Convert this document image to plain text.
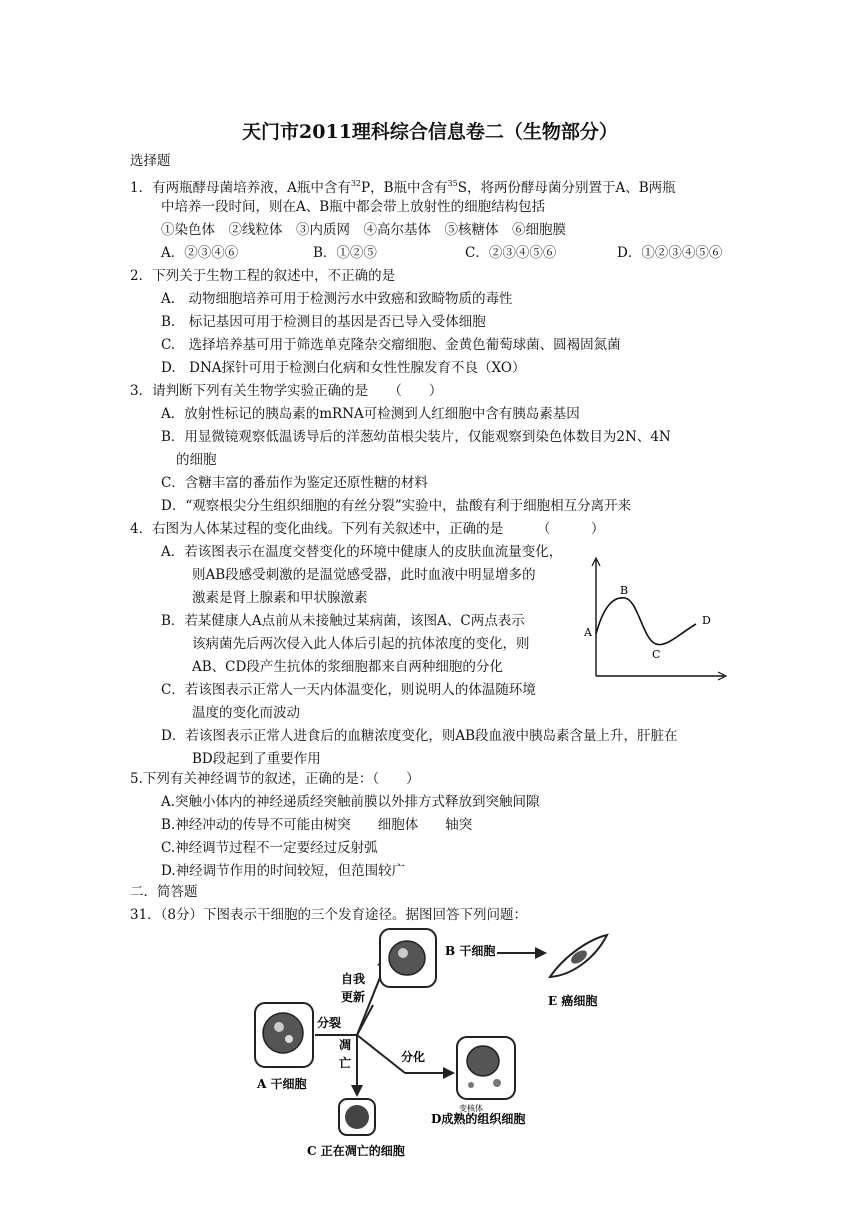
天门市2011理科综合信息卷二（生物部分）
选择题
1．有两瓶酵母菌培养液，A瓶中含有$^{32}$P，B瓶中含有$^{35}$S，将两份酵母菌分别置于A、B两瓶
中培养一段时间，则在A、B瓶中都会带上放射性的细胞结构包括
①染色体　②线粒体　③内质网　④高尔基体　⑤核糖体　⑥细胞膜
A．②③④⑥	B．①②⑤	C．②③④⑤⑥	D．①②③④⑤⑥
2．下列关于生物工程的叙述中，不正确的是
A.　动物细胞培养可用于检测污水中致癌和致畸物质的毒性
B.　标记基因可用于检测目的基因是否已导入受体细胞
C.　选择培养基可用于筛选单克隆杂交瘤细胞、金黄色葡萄球菌、圆褐固氮菌
D.　DNA探针可用于检测白化病和女性性腺发育不良（XO）
3．请判断下列有关生物学实验正确的是　　（　　）
A．放射性标记的胰岛素的mRNA可检测到人红细胞中含有胰岛素基因
B．用显微镜观察低温诱导后的洋葱幼苗根尖装片，仅能观察到染色体数目为2N、4N
的细胞
C．含糖丰富的番茄作为鉴定还原性糖的材料
D．“观察根尖分生组织细胞的有丝分裂”实验中，盐酸有利于细胞相互分离开来
4．右图为人体某过程的变化曲线。下列有关叙述中，正确的是　　　（　　　）
A．若该图表示在温度交替变化的环境中健康人的皮肤血流量变化，
则AB段感受刺激的是温觉感受器，此时血液中明显增多的
激素是肾上腺素和甲状腺激素
B．若某健康人A点前从未接触过某病菌，该图A、C两点表示
该病菌先后两次侵入此人体后引起的抗体浓度的变化，则
AB、CD段产生抗体的浆细胞都来自两种细胞的分化
C．若该图表示正常人一天内体温变化，则说明人的体温随环境
温度的变化而波动
D．若该图表示正常人进食后的血糖浓度变化，则AB段血液中胰岛素含量上升，肝脏在
BD段起到了重要作用
A
B
C
D
5.下列有关神经调节的叙述，正确的是：（　　）
A.突触小体内的神经递质经突触前膜以外排方式释放到突触间隙
B.神经冲动的传导不可能由树突　　细胞体　　轴突
C.神经调节过程不一定要经过反射弧
D.神经调节作用的时间较短，但范围较广
二．简答题
31．（8分）下图表示干细胞的三个发育途径。据图回答下列问题：
A 干细胞
自我
更新
分裂
凋
亡	分化
B 干细胞
E 癌细胞
C 正在凋亡的细胞
变核体
D成熟的组织细胞
